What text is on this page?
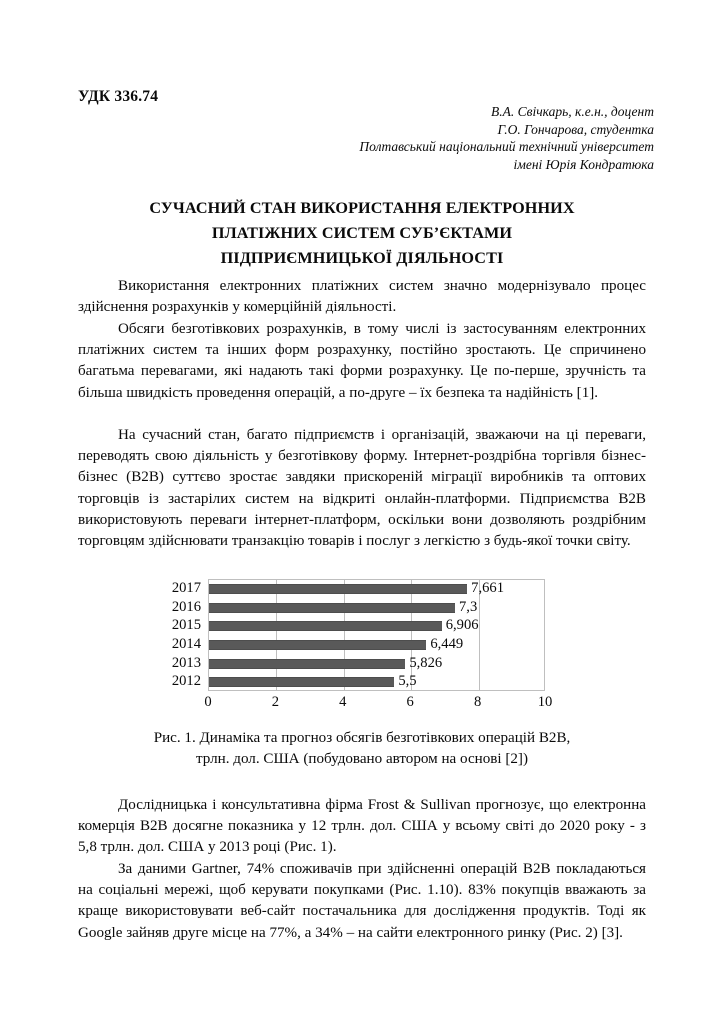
УДК 336.74
В.А. Свічкарь, к.е.н., доцент
Г.О. Гончарова, студентка
Полтавський національний технічний університет
імені Юрія Кондратюка
СУЧАСНИЙ СТАН ВИКОРИСТАННЯ ЕЛЕКТРОННИХ
ПЛАТІЖНИХ СИСТЕМ СУБ’ЄКТАМИ
ПІДПРИЄМНИЦЬКОЇ ДІЯЛЬНОСТІ

Використання електронних платіжних систем значно модернізувало процес здійснення розрахунків у комерційній діяльності.

Обсяги безготівкових розрахунків, в тому числі із застосуванням електронних платіжних систем та інших форм розрахунку, постійно зростають. Це спричинено багатьма перевагами, які надають такі форми розрахунку. Це по-перше, зручність та більша швидкість проведення операцій, а по-друге – їх безпека та надійність [1].

На сучасний стан, багато підприємств і організацій, зважаючи на ці переваги, переводять свою діяльність у безготівкову форму. Інтернет-роздрібна торгівля бізнес-бізнес (B2B) суттєво зростає завдяки прискореній міграції виробників та оптових торговців із застарілих систем на відкриті онлайн-платформи. Підприємства В2В використовують переваги інтернет-платформ, оскільки вони дозволяють роздрібним торговцям здійснювати транзакцію товарів і послуг з легкістю з будь-якої точки світу.

2017	7,661
2016	7,3
2015	6,906
2014	6,449
2013	5,826
2012	5,5
0	2	4	6	8	10
Рис. 1. Динаміка та прогноз обсягів безготівкових операцій B2B,
трлн. дол. США (побудовано автором на основі [2])

Дослідницька і консультативна фірма Frost & Sullivan прогнозує, що електронна комерція В2В досягне показника у 12 трлн. дол. США у всьому світі до 2020 року - з 5,8 трлн. дол. США у 2013 році (Рис. 1).

За даними Gartner, 74% споживачів при здійсненні операцій В2В покладаються на соціальні мережі, щоб керувати покупками (Рис. 1.10). 83% покупців вважають за краще використовувати веб-сайт постачальника для дослідження продуктів. Тоді як Google зайняв друге місце на 77%, а 34% – на сайти електронного ринку (Рис. 2) [3].
